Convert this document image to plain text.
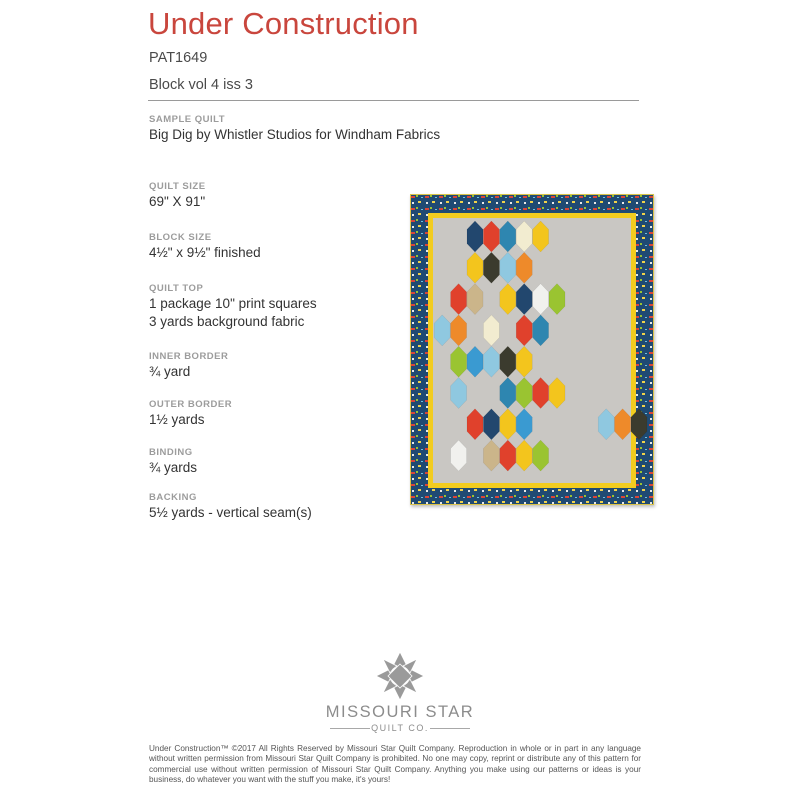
Under Construction
PAT1649
Block vol 4 iss 3
SAMPLE QUILT
Big Dig by Whistler Studios for Windham Fabrics
QUILT SIZE
69" X 91"
BLOCK SIZE
4½" x 9½" finished
QUILT TOP
1 package 10" print squares
3 yards background fabric
INNER BORDER
¾ yard
OUTER BORDER
1½ yards
BINDING
¾ yards
BACKING
5½ yards - vertical seam(s)
MISSOURI STAR
QUILT CO.

Under Construction™ ©2017 All Rights Reserved by Missouri Star Quilt Company. Reproduction in whole or in part in any language without written permission from Missouri Star Quilt Company is prohibited. No one may copy, reprint or distribute any of this pattern for commercial use without written permission of Missouri Star Quilt Company. Anything you make using our patterns or ideas is your business, do whatever you want with the stuff you make, it's yours!
